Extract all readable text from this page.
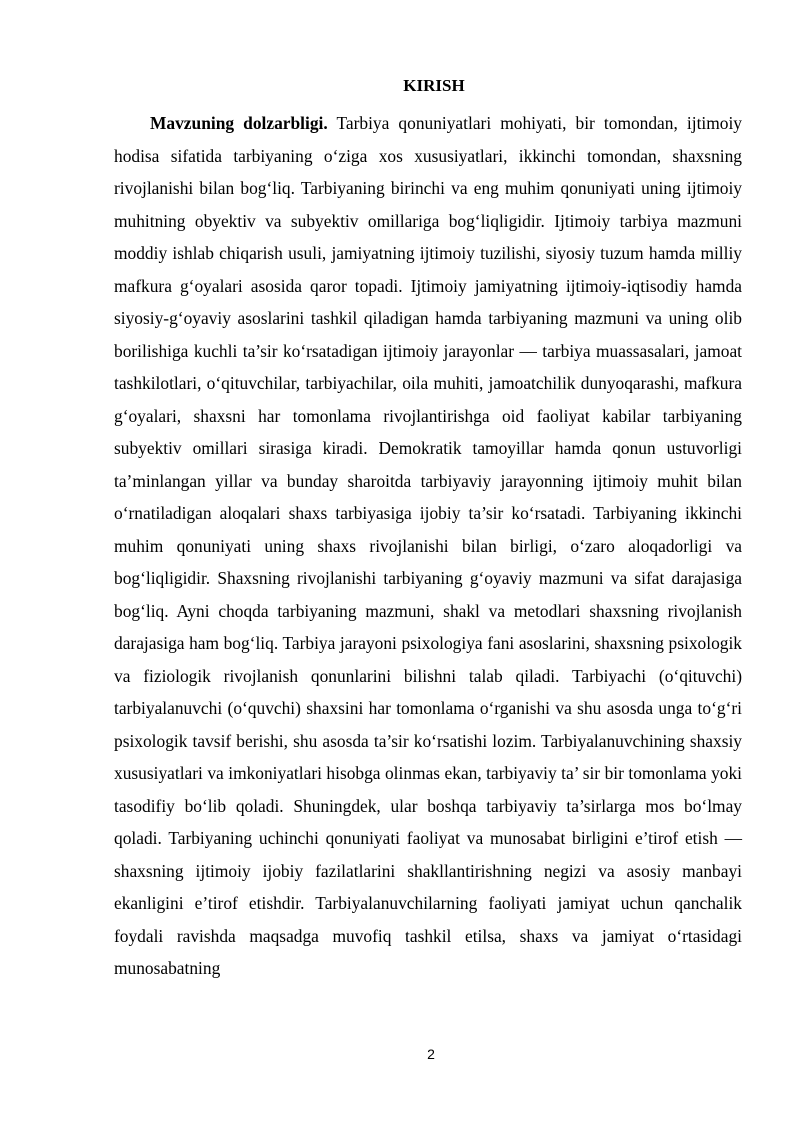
KIRISH

Mavzuning dolzarbligi. Tarbiya qonuniyatlari mohiyati, bir tomondan, ijtimoiy hodisa sifatida tarbiyaning o‘ziga xos xususiyatlari, ikkinchi tomondan, shaxsning rivojlanishi bilan bog‘liq. Tarbiyaning birinchi va eng muhim qonuniyati uning ijtimoiy muhitning obyektiv va subyektiv omillariga bog‘liqligidir. Ijtimoiy tarbiya mazmuni moddiy ishlab chiqarish usuli, jamiyatning ijtimoiy tuzilishi, siyosiy tuzum hamda milliy mafkura g‘oyalari asosida qaror topadi. Ijtimoiy jamiyatning ijtimoiy-iqtisodiy hamda siyosiy-g‘oyaviy asoslarini tashkil qiladigan hamda tarbiyaning mazmuni va uning olib borilishiga kuchli ta’sir ko‘rsatadigan ijtimoiy jarayonlar — tarbiya muassasalari, jamoat tashkilotlari, o‘qituvchilar, tarbiyachilar, oila muhiti, jamoatchilik dunyoqarashi, mafkura g‘oyalari, shaxsni har tomonlama rivojlantirishga oid faoliyat kabilar tarbiyaning subyektiv omillari sirasiga kiradi. Demokratik tamoyillar hamda qonun ustuvorligi ta’minlangan yillar va bunday sharoitda tarbiyaviy jarayonning ijtimoiy muhit bilan o‘rnatiladigan aloqalari shaxs tarbiyasiga ijobiy ta’sir ko‘rsatadi. Tarbiyaning ikkinchi muhim qonuniyati uning shaxs rivojlanishi bilan birligi, o‘zaro aloqadorligi va bog‘liqligidir. Shaxsning rivojlanishi tarbiyaning g‘oyaviy mazmuni va sifat darajasiga bog‘liq. Ayni choqda tarbiyaning mazmuni, shakl va metodlari shaxsning rivojlanish darajasiga ham bog‘liq. Tarbiya jarayoni psixologiya fani asoslarini, shaxsning psixologik va fiziologik rivojlanish qonunlarini bilishni talab qiladi. Tarbiyachi (o‘qituvchi) tarbiyalanuvchi (o‘quvchi) shaxsini har tomonlama o‘rganishi va shu asosda unga to‘g‘ri psixologik tavsif berishi, shu asosda ta’sir ko‘rsatishi lozim. Tarbiyalanuvchining shaxsiy xususiyatlari va imkoniyatlari hisobga olinmas ekan, tarbiyaviy ta’ sir bir tomonlama yoki tasodifiy bo‘lib qoladi. Shuningdek, ular boshqa tarbiyaviy ta’sirlarga mos bo‘lmay qoladi. Tarbiyaning uchinchi qonuniyati faoliyat va munosabat birligini e’tirof etish — shaxsning ijtimoiy ijobiy fazilatlarini shakllantirishning negizi va asosiy manbayi ekanligini e’tirof etishdir. Tarbiyalanuvchilarning faoliyati jamiyat uchun qanchalik foydali ravishda maqsadga muvofiq tashkil etilsa, shaxs va jamiyat o‘rtasidagi munosabatning

2
